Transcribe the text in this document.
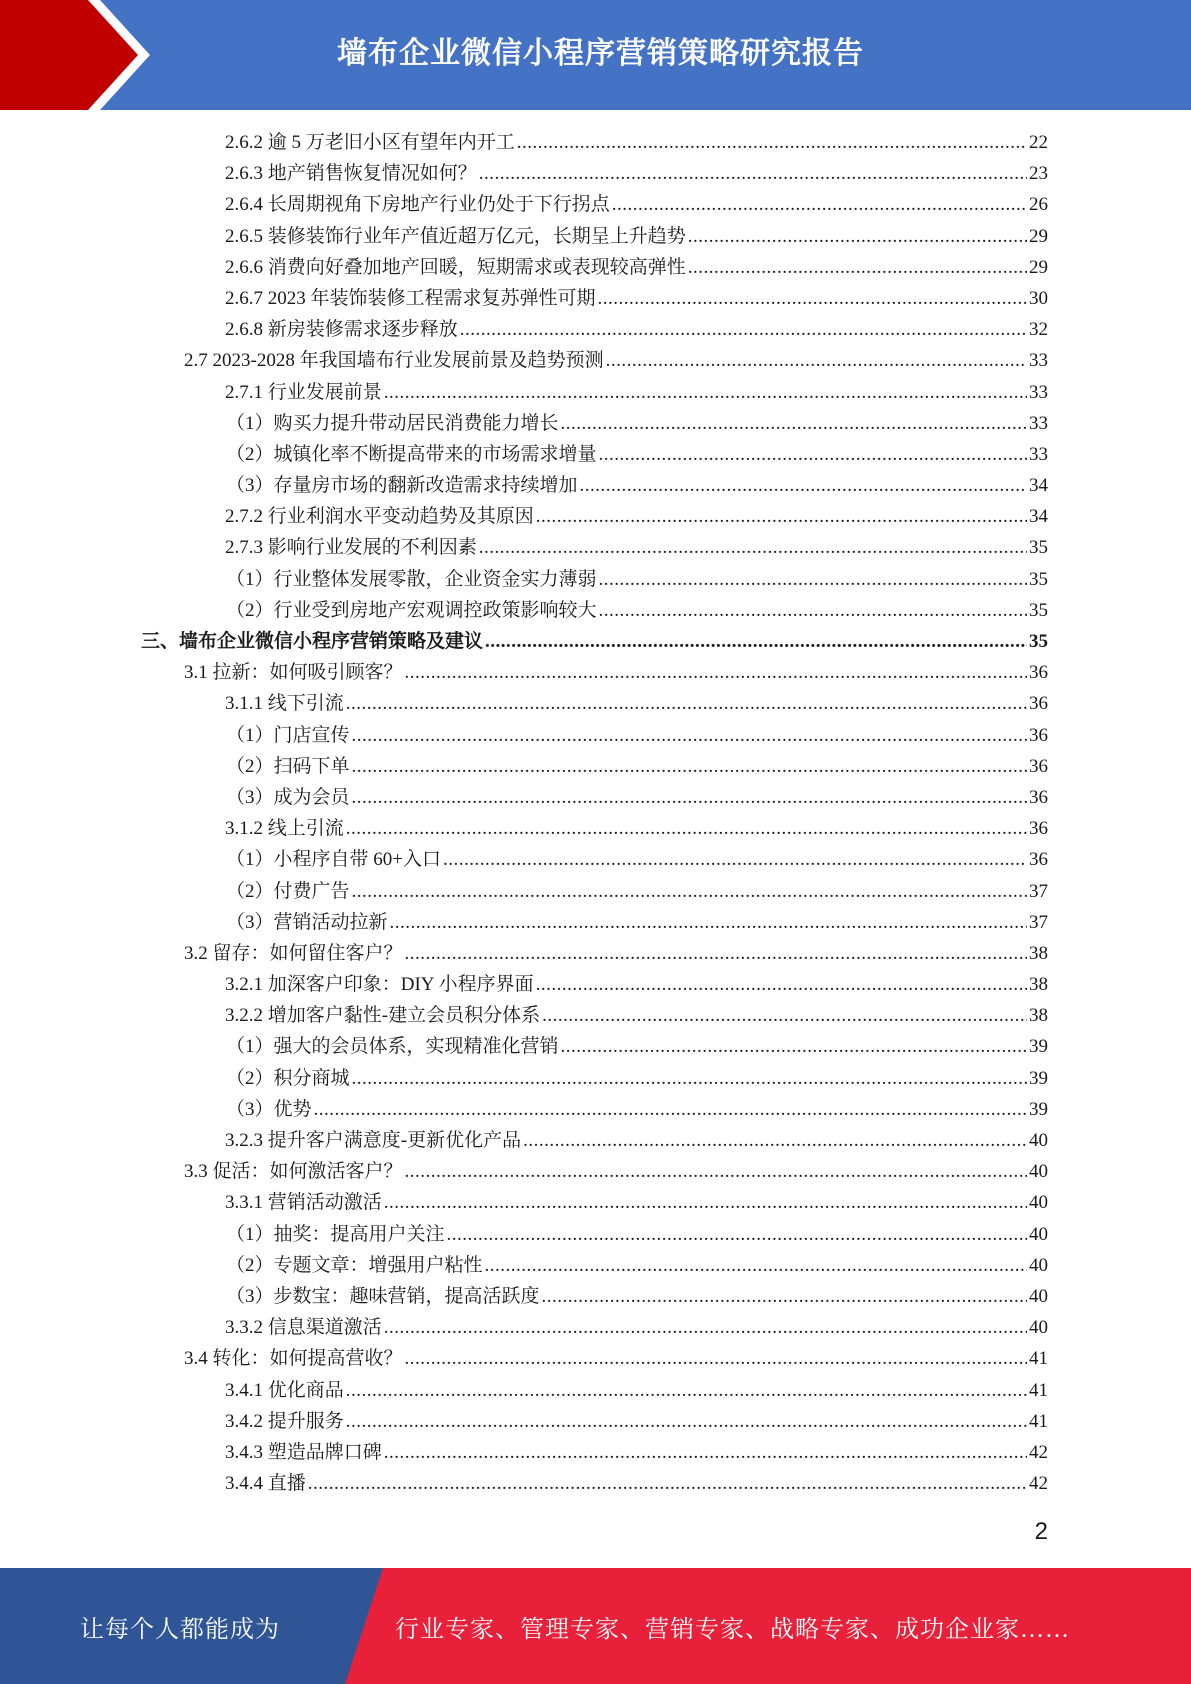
墙布企业微信小程序营销策略研究报告
2.6.2 逾 5 万老旧小区有望年内开工 .....	22
2.6.3 地产销售恢复情况如何？ .....	23
2.6.4 长周期视角下房地产行业仍处于下行拐点 .....	26
2.6.5 装修装饰行业年产值近超万亿元，长期呈上升趋势 .....	29
2.6.6 消费向好叠加地产回暖，短期需求或表现较高弹性 .....	29
2.6.7 2023 年装饰装修工程需求复苏弹性可期 .....	30
2.6.8 新房装修需求逐步释放 .....	32
2.7 2023-2028 年我国墙布行业发展前景及趋势预测 .....	33
2.7.1 行业发展前景 .....	33
（1）购买力提升带动居民消费能力增长 .....	33
（2）城镇化率不断提高带来的市场需求增量 .....	33
（3）存量房市场的翻新改造需求持续增加 .....	34
2.7.2 行业利润水平变动趋势及其原因 .....	34
2.7.3 影响行业发展的不利因素 .....	35
（1）行业整体发展零散，企业资金实力薄弱 .....	35
（2）行业受到房地产宏观调控政策影响较大 .....	35
三、墙布企业微信小程序营销策略及建议 .....	35
3.1 拉新：如何吸引顾客？ .....	36
3.1.1 线下引流 .....	36
（1）门店宣传 .....	36
（2）扫码下单 .....	36
（3）成为会员 .....	36
3.1.2 线上引流 .....	36
（1）小程序自带 60+入口 .....	36
（2）付费广告 .....	37
（3）营销活动拉新 .....	37
3.2 留存：如何留住客户？ .....	38
3.2.1 加深客户印象：DIY 小程序界面 .....	38
3.2.2 增加客户黏性-建立会员积分体系 .....	38
（1）强大的会员体系，实现精准化营销 .....	39
（2）积分商城 .....	39
（3）优势 .....	39
3.2.3 提升客户满意度-更新优化产品 .....	40
3.3 促活：如何激活客户？ .....	40
3.3.1 营销活动激活 .....	40
（1）抽奖：提高用户关注 .....	40
（2）专题文章：增强用户粘性 .....	40
（3）步数宝：趣味营销，提高活跃度 .....	40
3.3.2 信息渠道激活 .....	40
3.4 转化：如何提高营收？ .....	41
3.4.1 优化商品 .....	41
3.4.2 提升服务 .....	41
3.4.3 塑造品牌口碑 .....	42
3.4.4 直播 .....	42
2
让每个人都能成为	行业专家、管理专家、营销专家、战略专家、成功企业家……
